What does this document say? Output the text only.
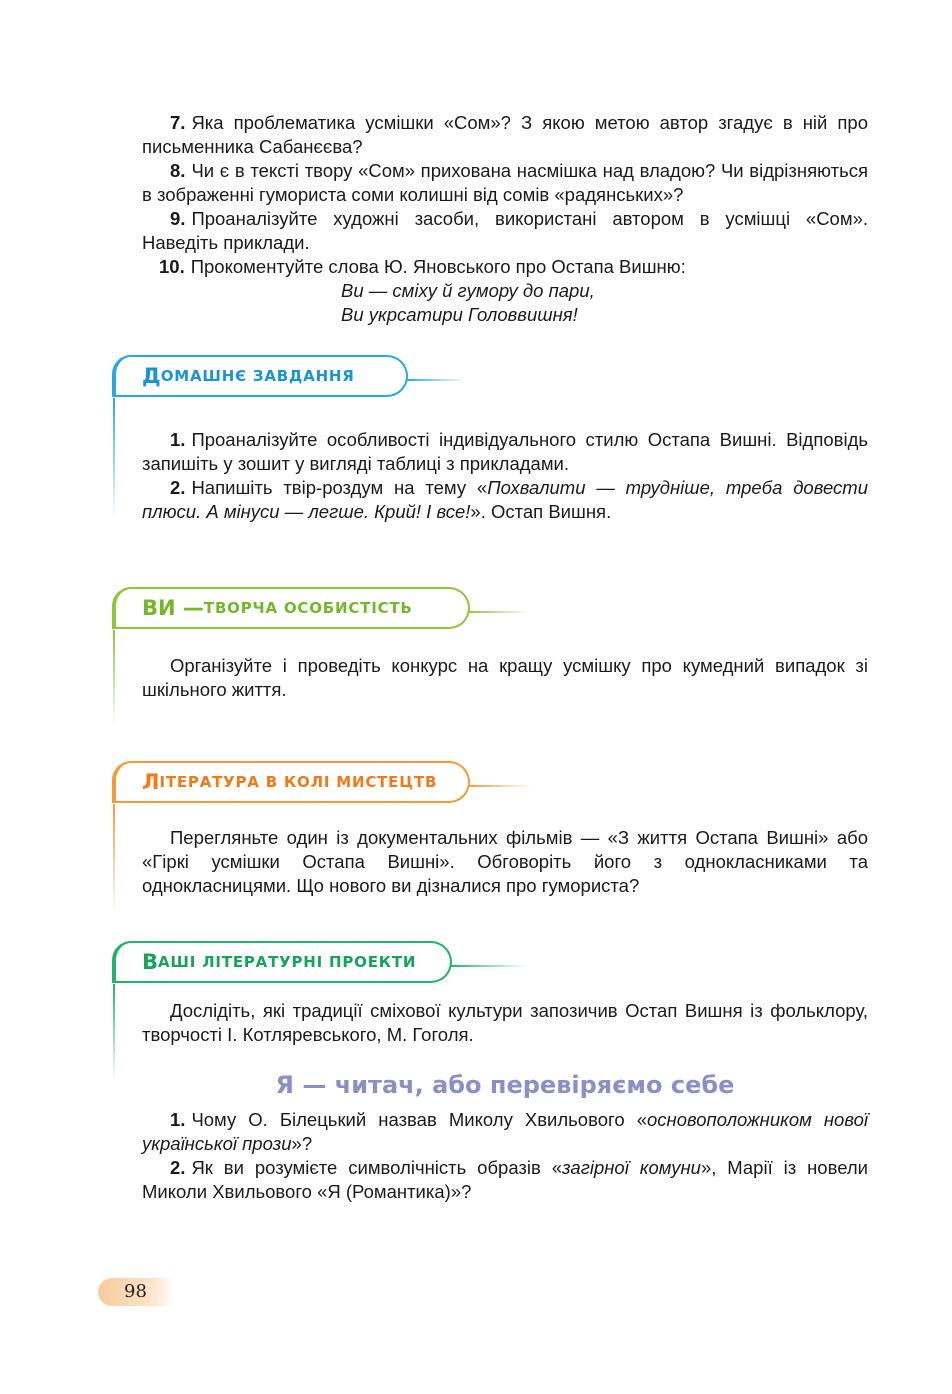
7. Яка проблематика усмішки «Сом»? З якою метою автор згадує в ній про письменника Сабанєєва?

8. Чи є в тексті твору «Сом» прихована насмішка над владою? Чи відрізняються в зображенні гумориста соми колишні від сомів «радянських»?

9. Проаналізуйте художні засоби, використані автором в усмішці «Сом». Наведіть приклади.

10. Прокоментуйте слова Ю. Яновського про Остапа Вишню:

Ви — сміху й гумору до пари,
Ви укрсатири Головвишня!
Д ОМАШНЄ ЗАВДАННЯ

1. Проаналізуйте особливості індивідуального стилю Остапа Вишні. Відповідь запишіть у зошит у вигляді таблиці з прикладами.

2. Напишіть твір-роздум на тему «Похвалити — трудніше, треба довести плюси. А мінуси — легше. Крий! І все!». Остап Вишня.

ВИ — ТВОРЧА ОСОБИСТІСТЬ

Організуйте і проведіть конкурс на кращу усмішку про кумедний випадок зі шкільного життя.

Л ІТЕРАТУРА В КОЛІ МИСТЕЦТВ

Перегляньте один із документальних фільмів — «З життя Остапа Вишні» або «Гіркі усмішки Остапа Вишні». Обговоріть його з однокласниками та однокласницями. Що нового ви дізналися про гумориста?

В АШІ ЛІТЕРАТУРНІ ПРОЕКТИ

Дослідіть, які традиції сміхової культури запозичив Остап Вишня із фольклору, творчості І. Котляревського, М. Гоголя.

Я — читач, або перевіряємо себе

1. Чому О. Білецький назвав Миколу Хвильового «основоположником нової української прози»?

2. Як ви розумієте символічність образів «загірної комуни», Марії із новели Миколи Хвильового «Я (Романтика)»?

98
